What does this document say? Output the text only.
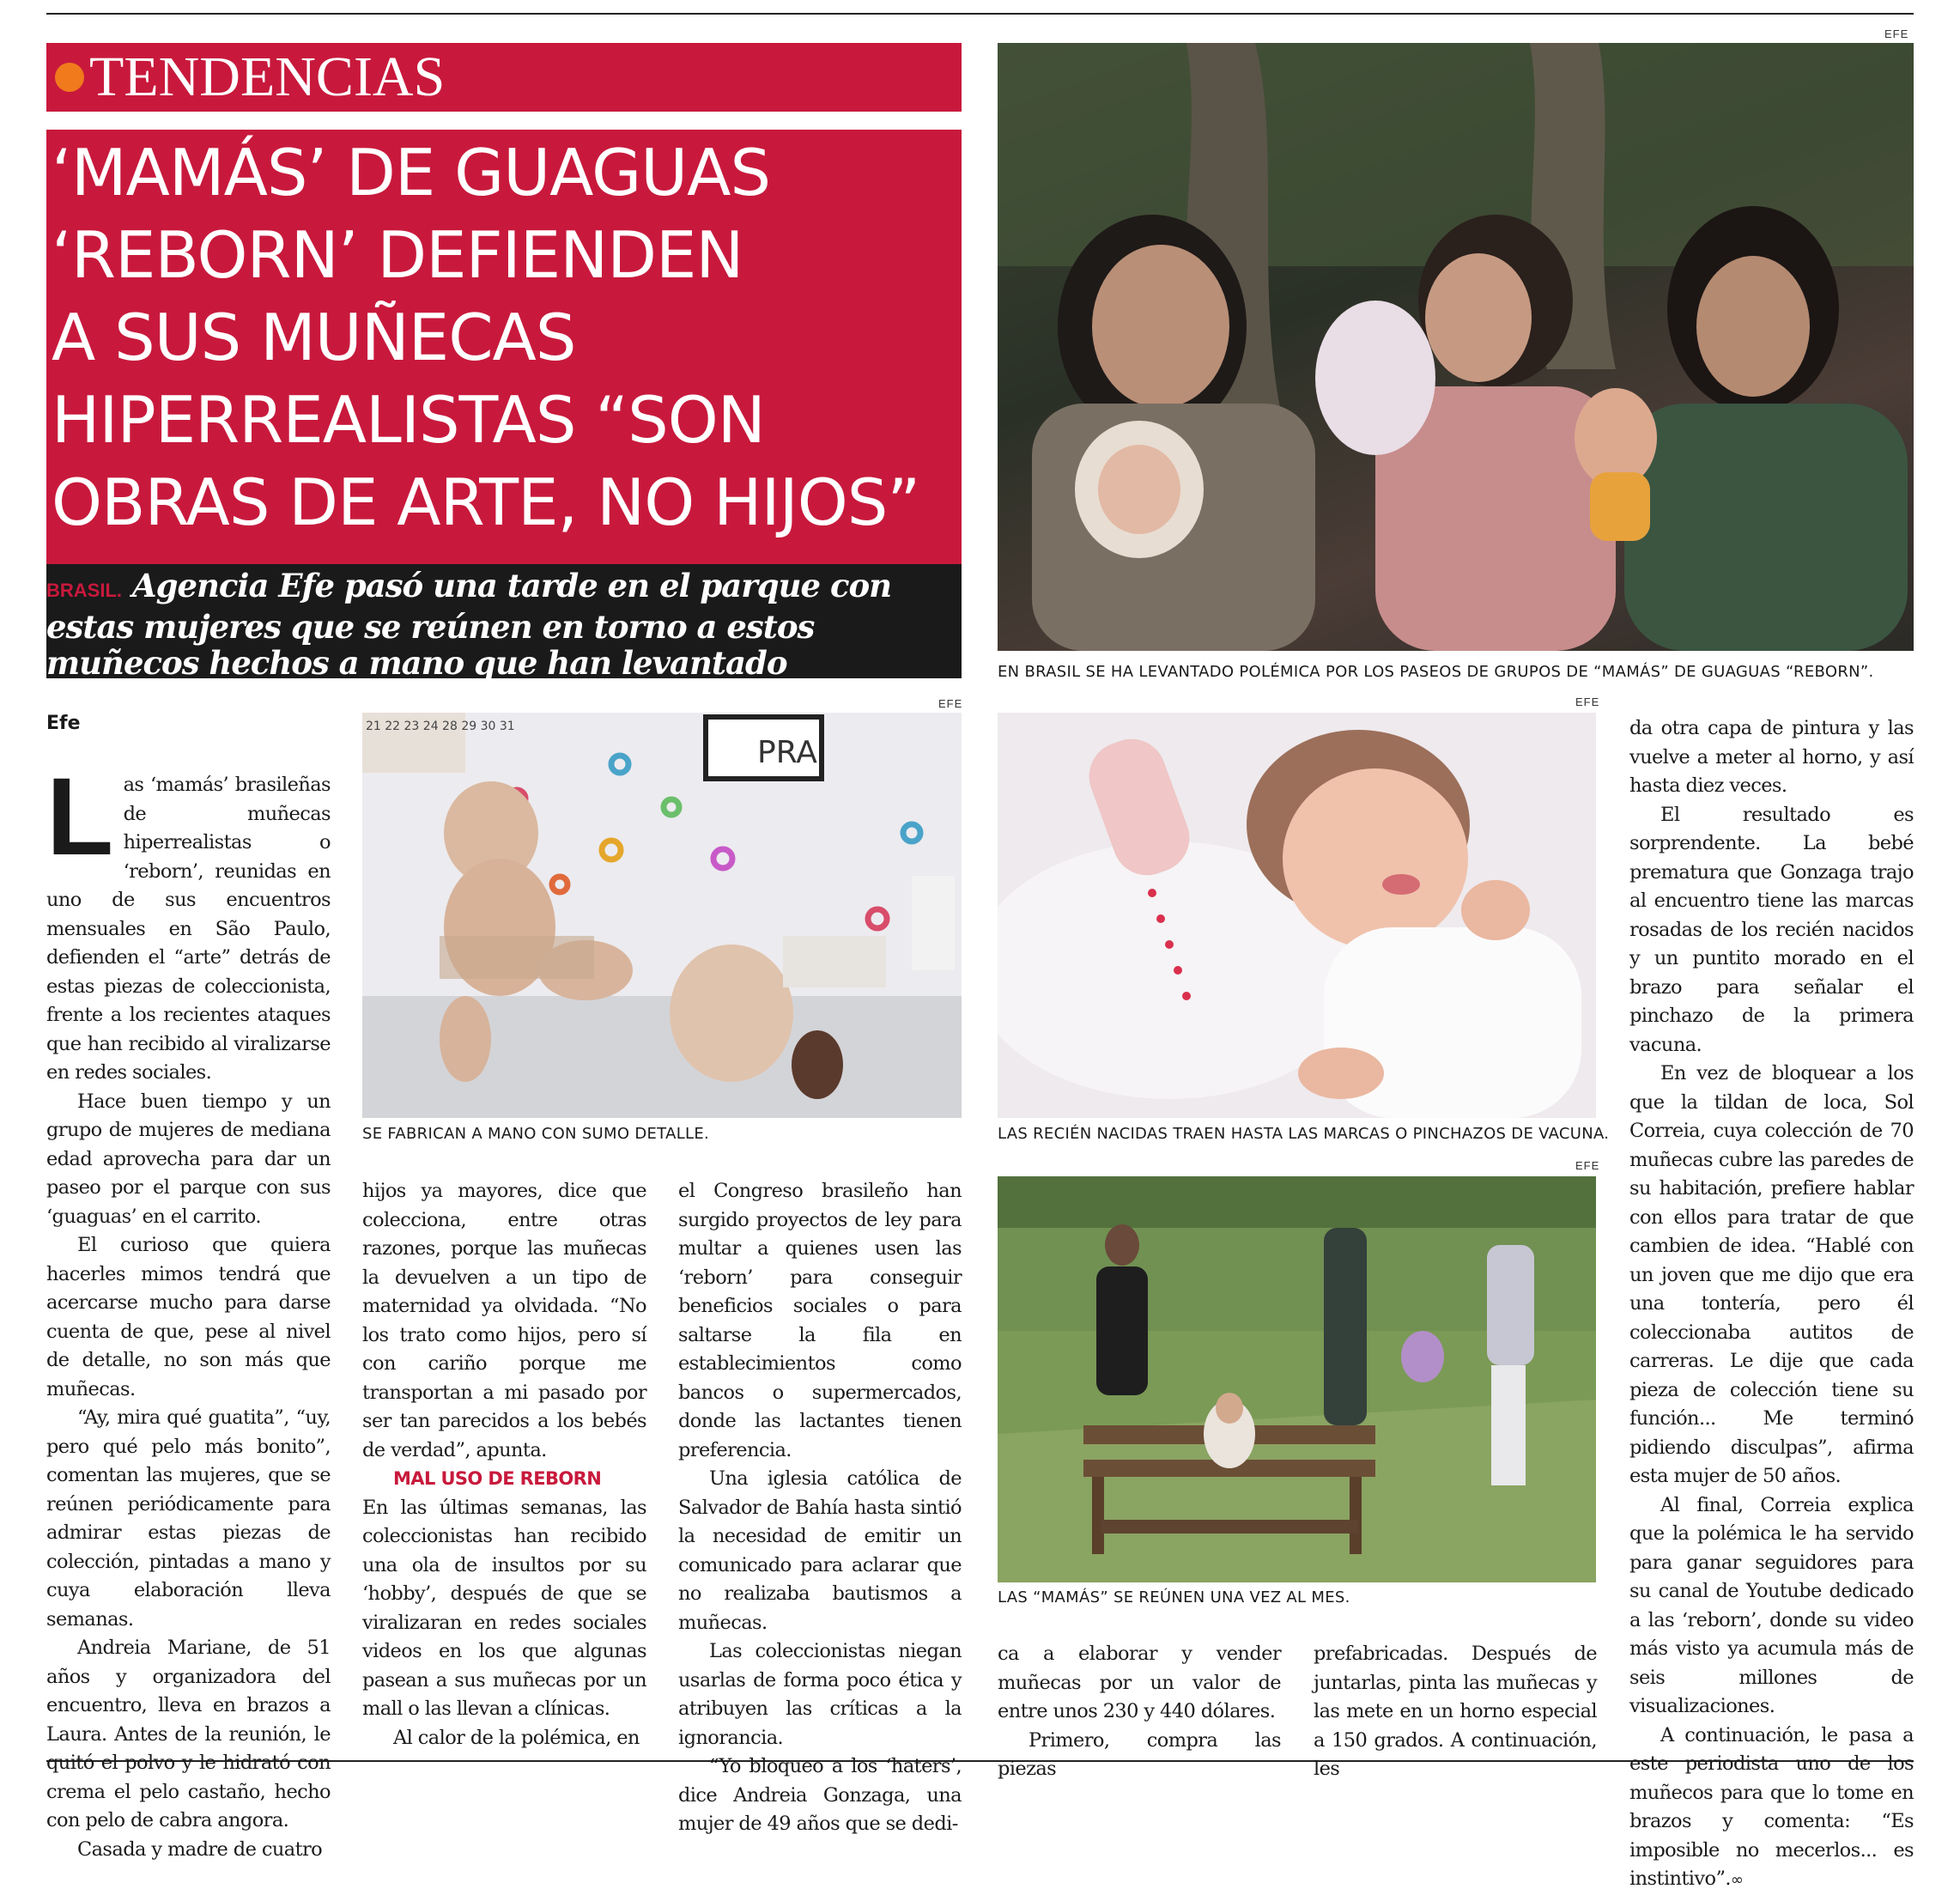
TENDENCIAS
‘MAMÁS’ DE GUAGUAS
‘REBORN’ DEFIENDEN
A SUS MUÑECAS
HIPERREALISTAS “SON
OBRAS DE ARTE, NO HIJOS”
BRASIL. Agencia Efe pasó una tarde en el parque con estas mujeres que se reúnen en torno a estos muñecos hechos a mano que han levantado polémica.
EFE
EN BRASIL SE HA LEVANTADO POLÉMICA POR LOS PASEOS DE GRUPOS DE “MAMÁS” DE GUAGUAS “REBORN”.
EFE
21 22 23 24 28 29 30 31
PRA
SE FABRICAN A MANO CON SUMO DETALLE.
EFE
LAS RECIÉN NACIDAS TRAEN HASTA LAS MARCAS O PINCHAZOS DE VACUNA.
EFE
LAS “MAMÁS” SE REÚNEN UNA VEZ AL MES.
Efe

Las ‘mamás’ brasileñas de muñecas hiperrealistas o ‘reborn’, reunidas en uno de sus encuentros mensuales en São Paulo, defienden el “arte” detrás de estas piezas de coleccionista, frente a los recientes ataques que han recibido al viralizarse en redes sociales.

Hace buen tiempo y un grupo de mujeres de mediana edad aprovecha para dar un paseo por el parque con sus ‘guaguas’ en el carrito.

El curioso que quiera hacerles mimos tendrá que acercarse mucho para darse cuenta de que, pese al nivel de detalle, no son más que muñecas.

“Ay, mira qué guatita”, “uy, pero qué pelo más bonito”, comentan las mujeres, que se reúnen periódicamente para admirar estas piezas de colección, pintadas a mano y cuya elaboración lleva semanas.

Andreia Mariane, de 51 años y organizadora del encuentro, lleva en brazos a Laura. Antes de la reunión, le quitó el polvo y le hidrató con crema el pelo castaño, hecho con pelo de cabra angora.

Casada y madre de cuatro

hijos ya mayores, dice que colecciona, entre otras razones, porque las muñecas la devuelven a un tipo de maternidad ya olvidada. “No los trato como hijos, pero sí con cariño porque me transportan a mi pasado por ser tan parecidos a los bebés de verdad”, apunta.

MAL USO DE REBORN

En las últimas semanas, las coleccionistas han recibido una ola de insultos por su ‘hobby’, después de que se viralizaran en redes sociales videos en los que algunas pasean a sus muñecas por un mall o las llevan a clínicas.

Al calor de la polémica, en

el Congreso brasileño han surgido proyectos de ley para multar a quienes usen las ‘reborn’ para conseguir beneficios sociales o para saltarse la fila en establecimientos como bancos o supermercados, donde las lactantes tienen preferencia.

Una iglesia católica de Salvador de Bahía hasta sintió la necesidad de emitir un comunicado para aclarar que no realizaba bautismos a muñecas.

Las coleccionistas niegan usarlas de forma poco ética y atribuyen las críticas a la ignorancia.

“Yo bloqueo a los ‘haters’, dice Andreia Gonzaga, una mujer de 49 años que se dedi-

ca a elaborar y vender muñecas por un valor de entre unos 230 y 440 dólares.

Primero, compra las piezas

prefabricadas. Después de juntarlas, pinta las muñecas y las mete en un horno especial a 150 grados. A continuación, les

da otra capa de pintura y las vuelve a meter al horno, y así hasta diez veces.

El resultado es sorprendente. La bebé prematura que Gonzaga trajo al encuentro tiene las marcas rosadas de los recién nacidos y un puntito morado en el brazo para señalar el pinchazo de la primera vacuna.

En vez de bloquear a los que la tildan de loca, Sol Correia, cuya colección de 70 muñecas cubre las paredes de su habitación, prefiere hablar con ellos para tratar de que cambien de idea. “Hablé con un joven que me dijo que era una tontería, pero él coleccionaba autitos de carreras. Le dije que cada pieza de colección tiene su función... Me terminó pidiendo disculpas”, afirma esta mujer de 50 años.

Al final, Correia explica que la polémica le ha servido para ganar seguidores para su canal de Youtube dedicado a las ‘reborn’, donde su video más visto ya acumula más de seis millones de visualizaciones.

A continuación, le pasa a este periodista uno de los muñecos para que lo tome en brazos y comenta: “Es imposible no mecerlos... es instintivo”.∞
